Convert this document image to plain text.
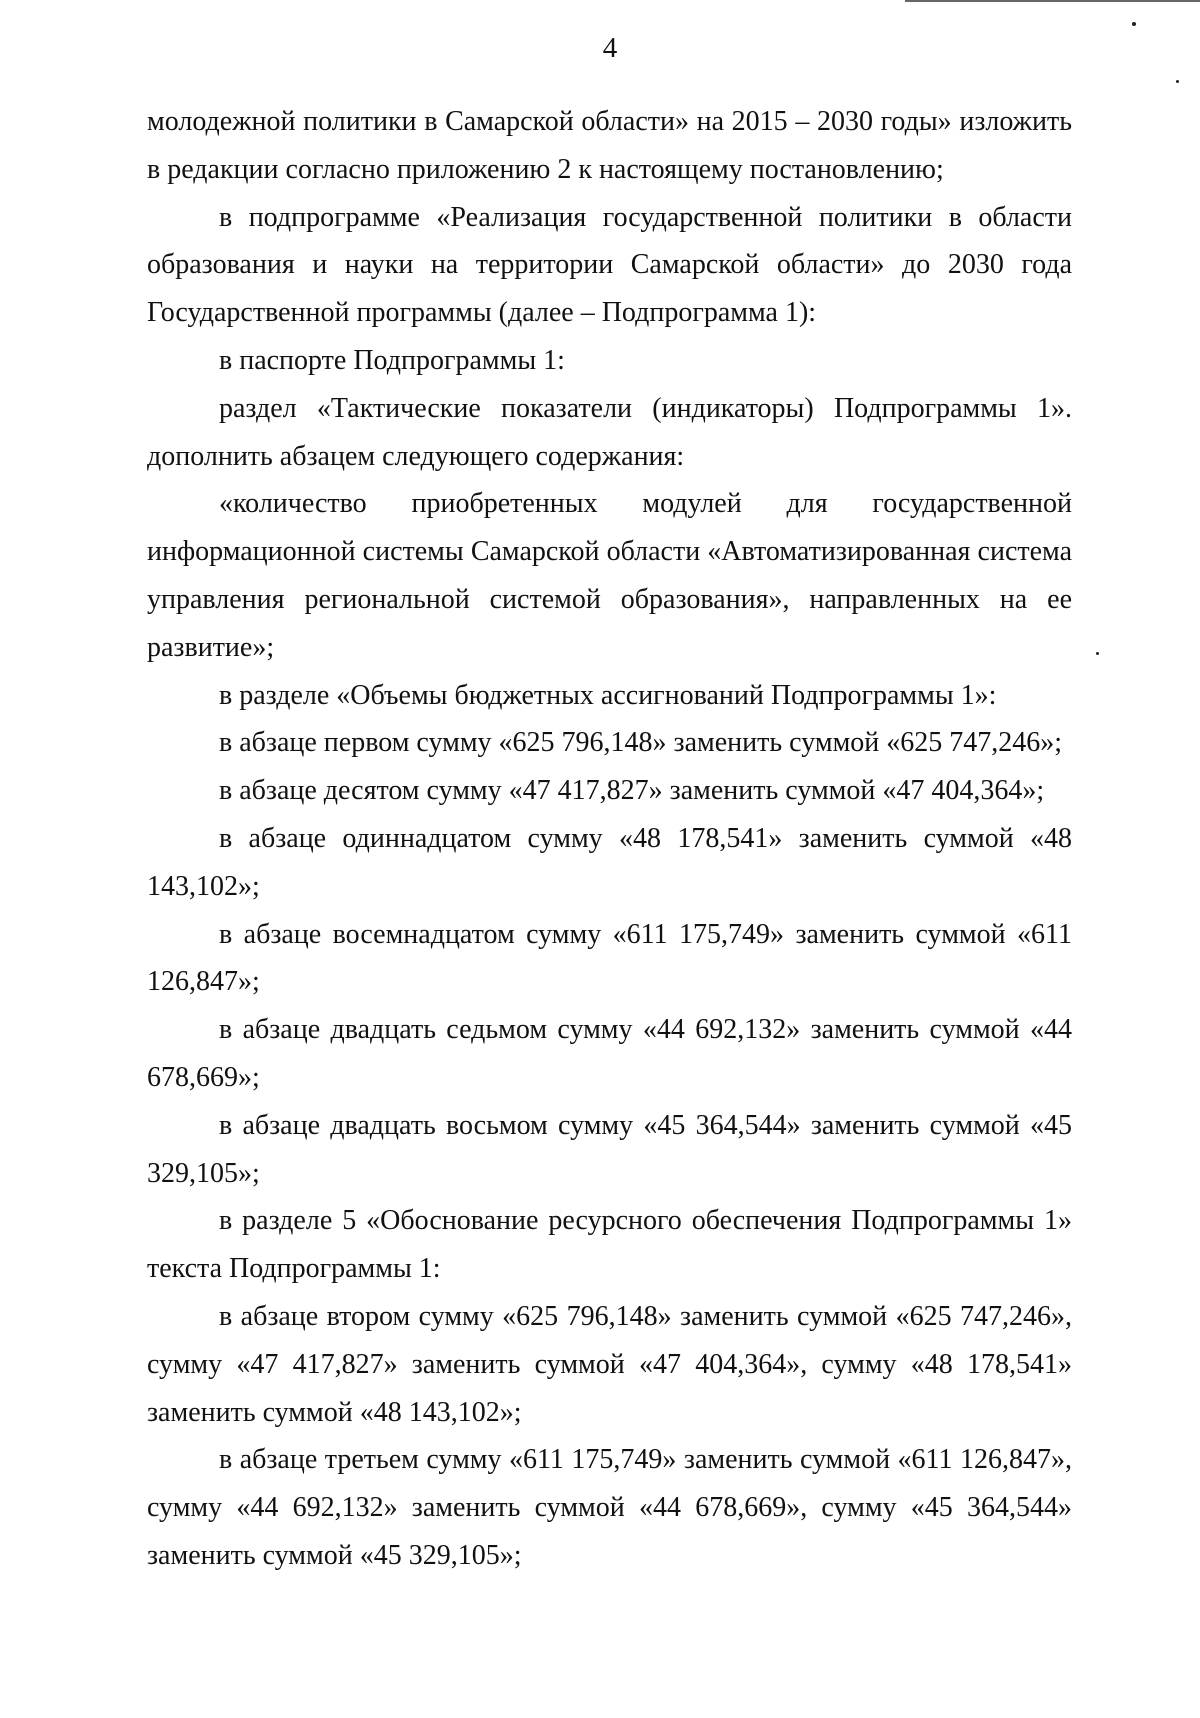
4

молодежной политики в Самарской области» на 2015 – 2030 годы» изложить в редакции согласно приложению 2 к настоящему постановлению;

в подпрограмме «Реализация государственной политики в области образования и науки на территории Самарской области» до 2030 года Государственной программы (далее – Подпрограмма 1):

в паспорте Подпрограммы 1:

раздел «Тактические показатели (индикаторы) Подпрограммы 1». дополнить абзацем следующего содержания:

«количество приобретенных модулей для государственной информационной системы Самарской области «Автоматизированная система управления региональной системой образования», направленных на ее развитие»;

в разделе «Объемы бюджетных ассигнований Подпрограммы 1»:

в абзаце первом сумму «625 796,148» заменить суммой «625 747,246»;

в абзаце десятом сумму «47 417,827» заменить суммой «47 404,364»;

в абзаце одиннадцатом сумму «48 178,541» заменить суммой «48 143,102»;

в абзаце восемнадцатом сумму «611 175,749» заменить суммой «611 126,847»;

в абзаце двадцать седьмом сумму «44 692,132» заменить суммой «44 678,669»;

в абзаце двадцать восьмом сумму «45 364,544» заменить суммой «45 329,105»;

в разделе 5 «Обоснование ресурсного обеспечения Подпрограммы 1» текста Подпрограммы 1:

в абзаце втором сумму «625 796,148» заменить суммой «625 747,246», сумму «47 417,827» заменить суммой «47 404,364», сумму «48 178,541» заменить суммой «48 143,102»;

в абзаце третьем сумму «611 175,749» заменить суммой «611 126,847», сумму «44 692,132» заменить суммой «44 678,669», сумму «45 364,544» заменить суммой «45 329,105»;
